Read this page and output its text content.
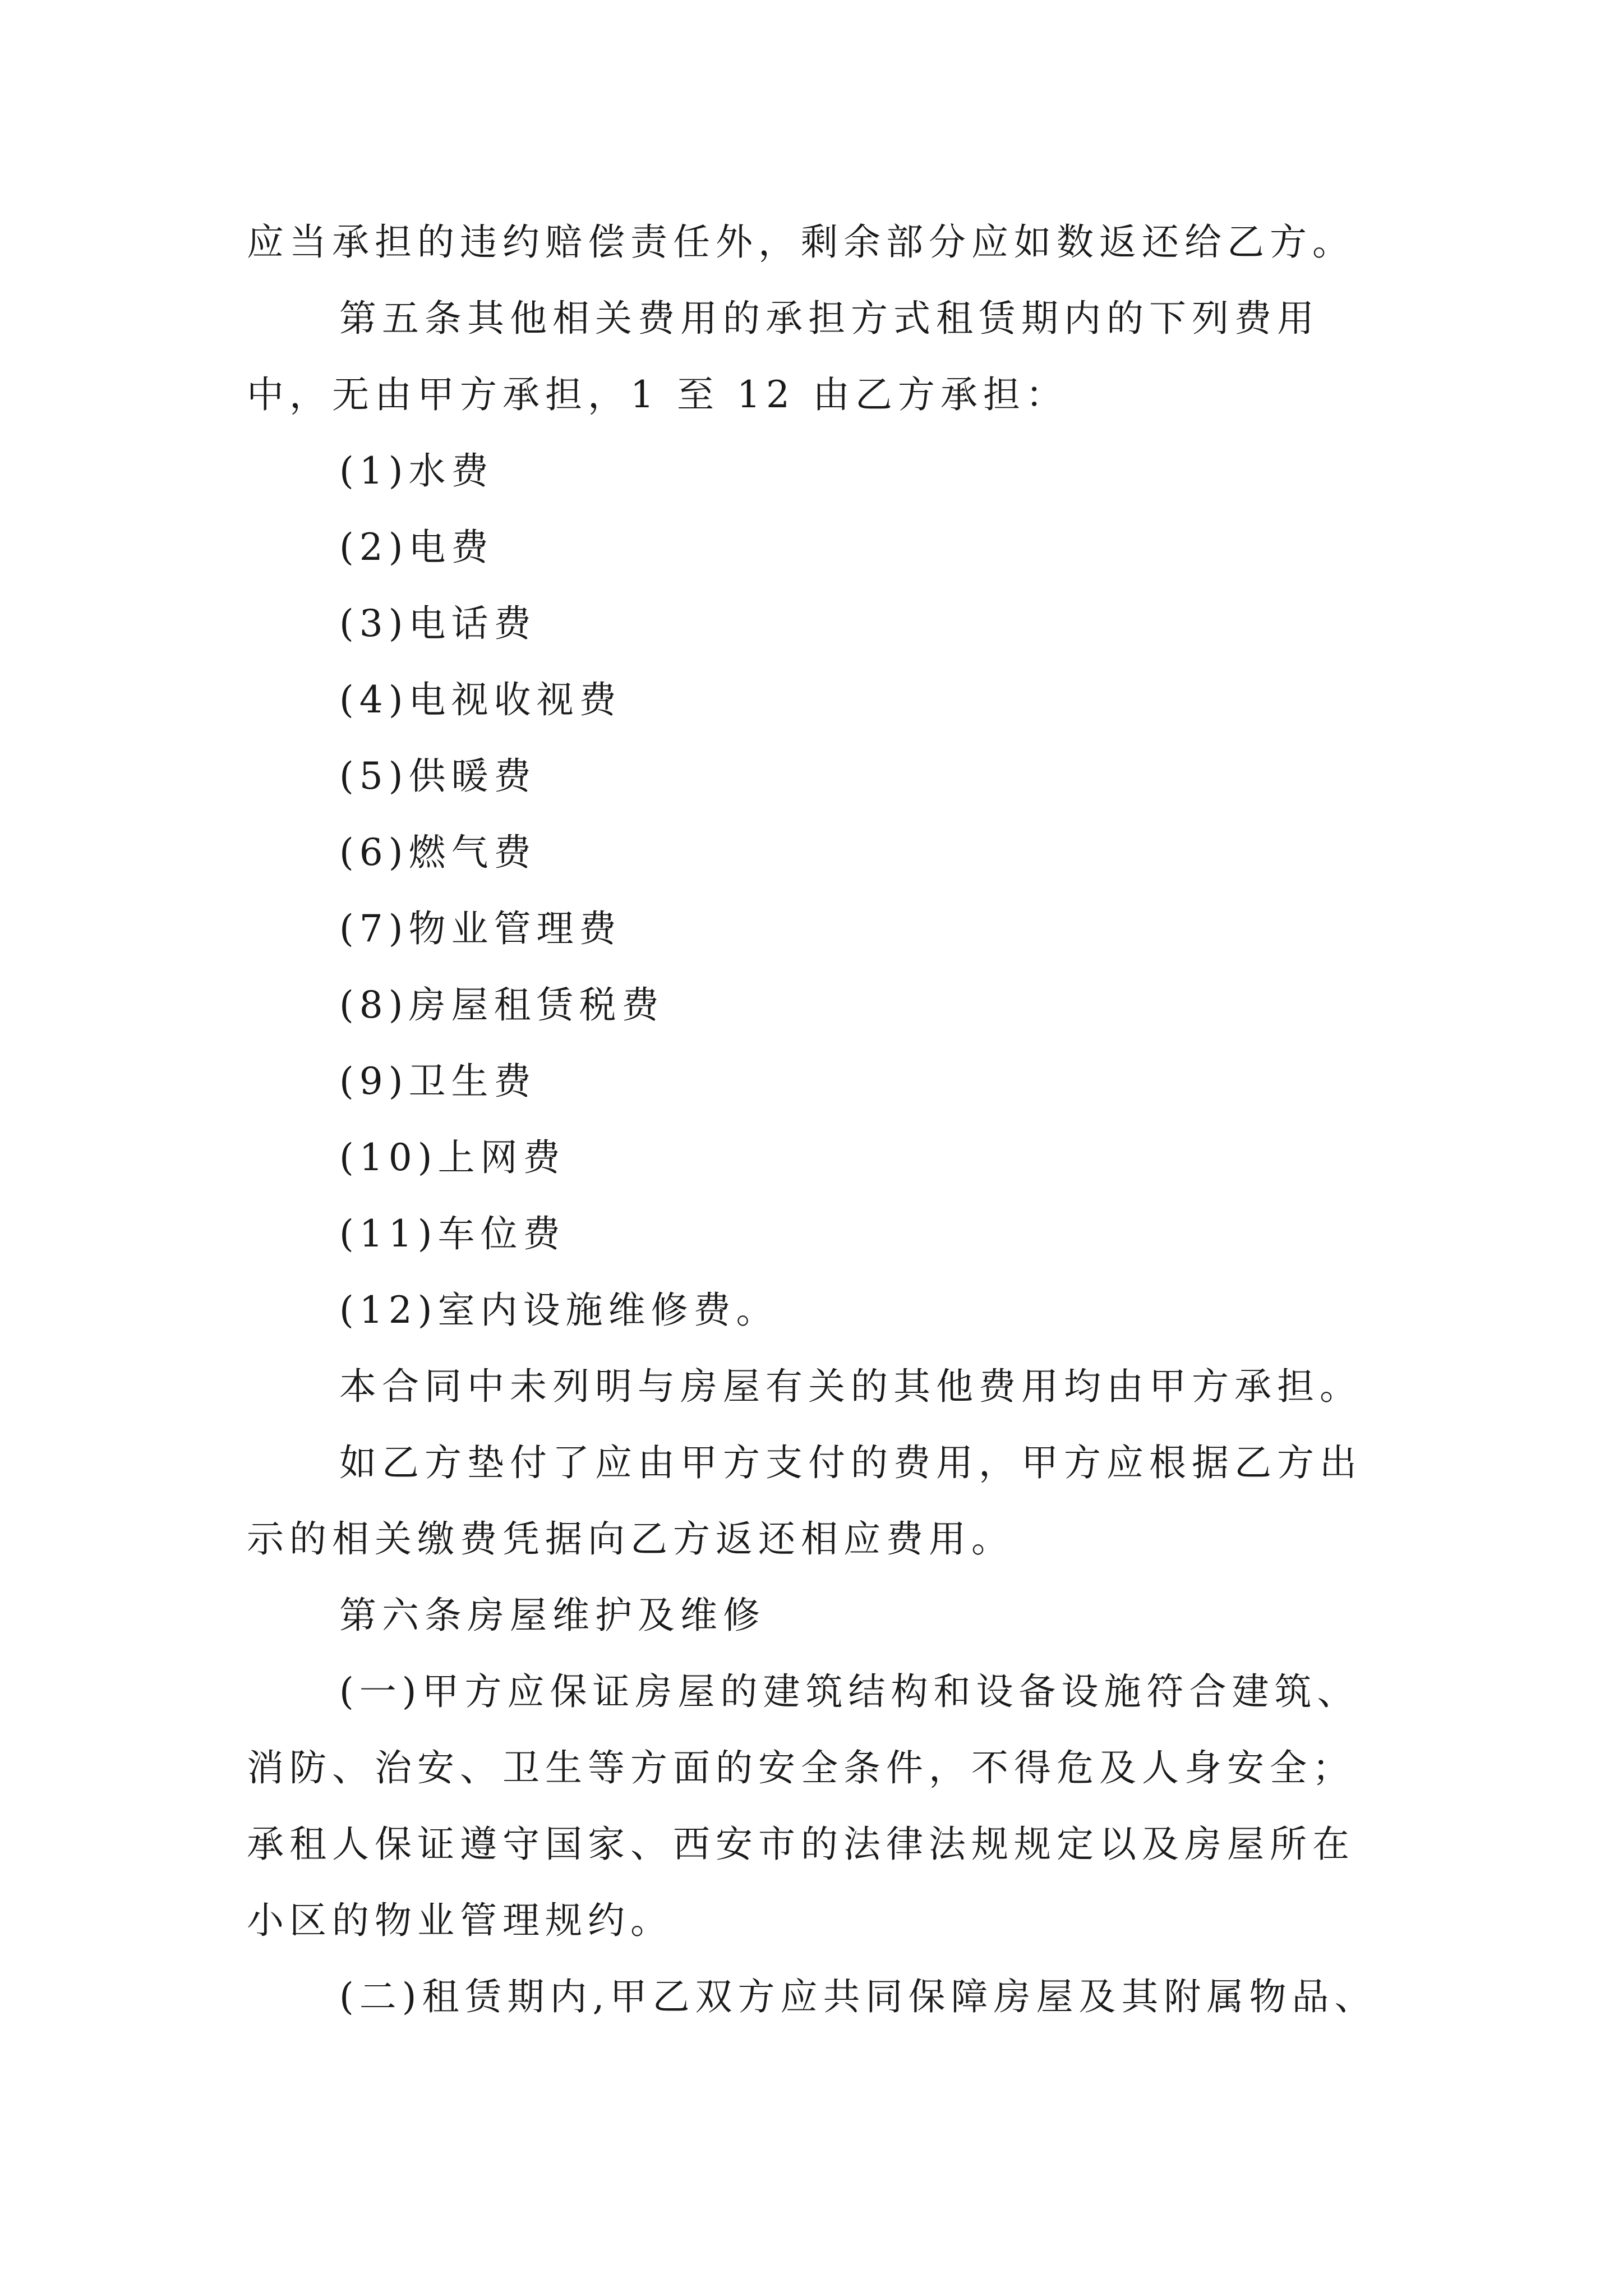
应当承担的违约赔偿责任外，剩余部分应如数返还给乙方。
第五条其他相关费用的承担方式租赁期内的下列费用
中，无由甲方承担，1 至 12 由乙方承担：
(1)水费
(2)电费
(3)电话费
(4)电视收视费
(5)供暖费
(6)燃气费
(7)物业管理费
(8)房屋租赁税费
(9)卫生费
(10)上网费
(11)车位费
(12)室内设施维修费。
本合同中未列明与房屋有关的其他费用均由甲方承担。
如乙方垫付了应由甲方支付的费用，甲方应根据乙方出
示的相关缴费凭据向乙方返还相应费用。
第六条房屋维护及维修
(一)甲方应保证房屋的建筑结构和设备设施符合建筑、
消防、治安、卫生等方面的安全条件，不得危及人身安全；
承租人保证遵守国家、西安市的法律法规规定以及房屋所在
小区的物业管理规约。
(二)租赁期内,甲乙双方应共同保障房屋及其附属物品、
